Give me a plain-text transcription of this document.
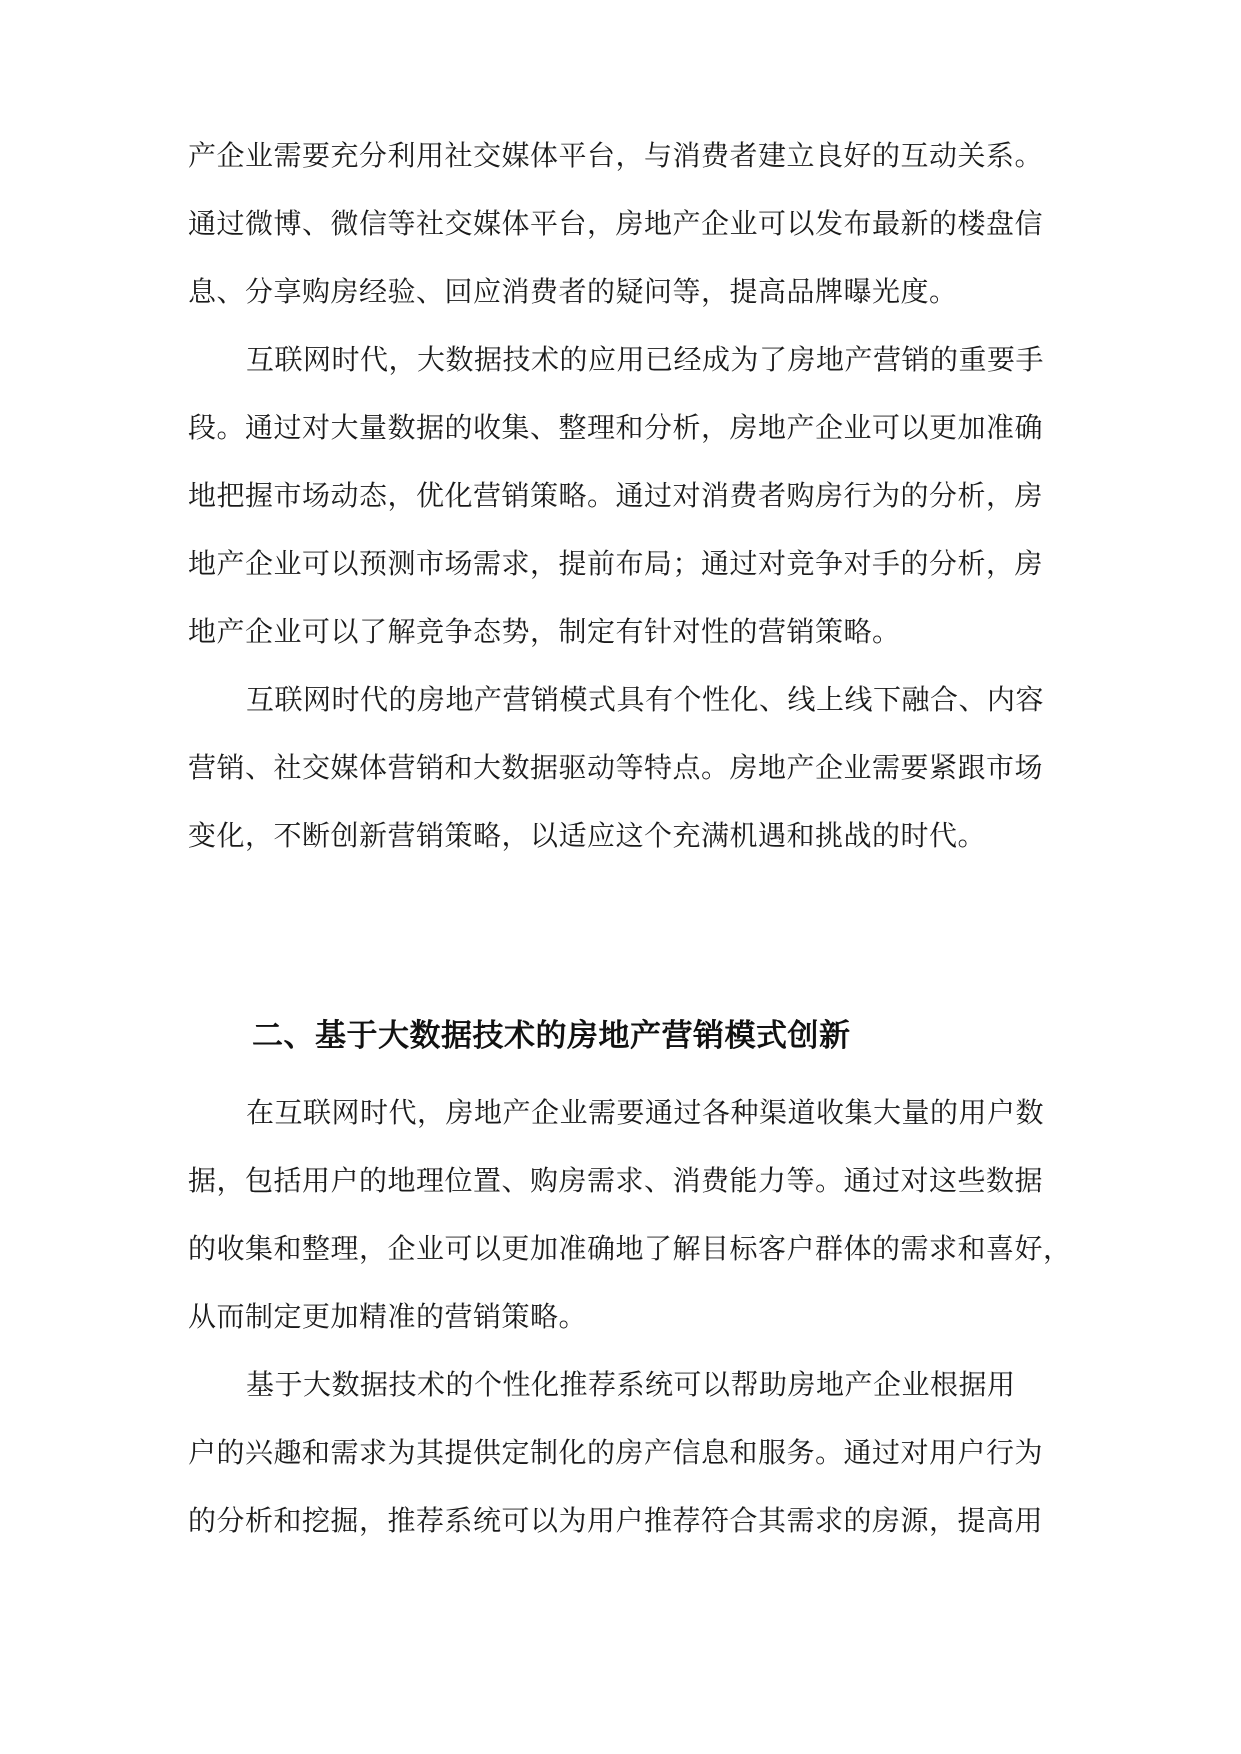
产企业需要充分利用社交媒体平台，与消费者建立良好的互动关系。
通过微博、微信等社交媒体平台，房地产企业可以发布最新的楼盘信
息、分享购房经验、回应消费者的疑问等，提高品牌曝光度。
互联网时代，大数据技术的应用已经成为了房地产营销的重要手
段。通过对大量数据的收集、整理和分析，房地产企业可以更加准确
地把握市场动态，优化营销策略。通过对消费者购房行为的分析，房
地产企业可以预测市场需求，提前布局；通过对竞争对手的分析，房
地产企业可以了解竞争态势，制定有针对性的营销策略。
互联网时代的房地产营销模式具有个性化、线上线下融合、内容
营销、社交媒体营销和大数据驱动等特点。房地产企业需要紧跟市场
变化，不断创新营销策略，以适应这个充满机遇和挑战的时代。
二、基于大数据技术的房地产营销模式创新
在互联网时代，房地产企业需要通过各种渠道收集大量的用户数
据，包括用户的地理位置、购房需求、消费能力等。通过对这些数据
的收集和整理，企业可以更加准确地了解目标客户群体的需求和喜好，
从而制定更加精准的营销策略。
基于大数据技术的个性化推荐系统可以帮助房地产企业根据用
户的兴趣和需求为其提供定制化的房产信息和服务。通过对用户行为
的分析和挖掘，推荐系统可以为用户推荐符合其需求的房源，提高用
